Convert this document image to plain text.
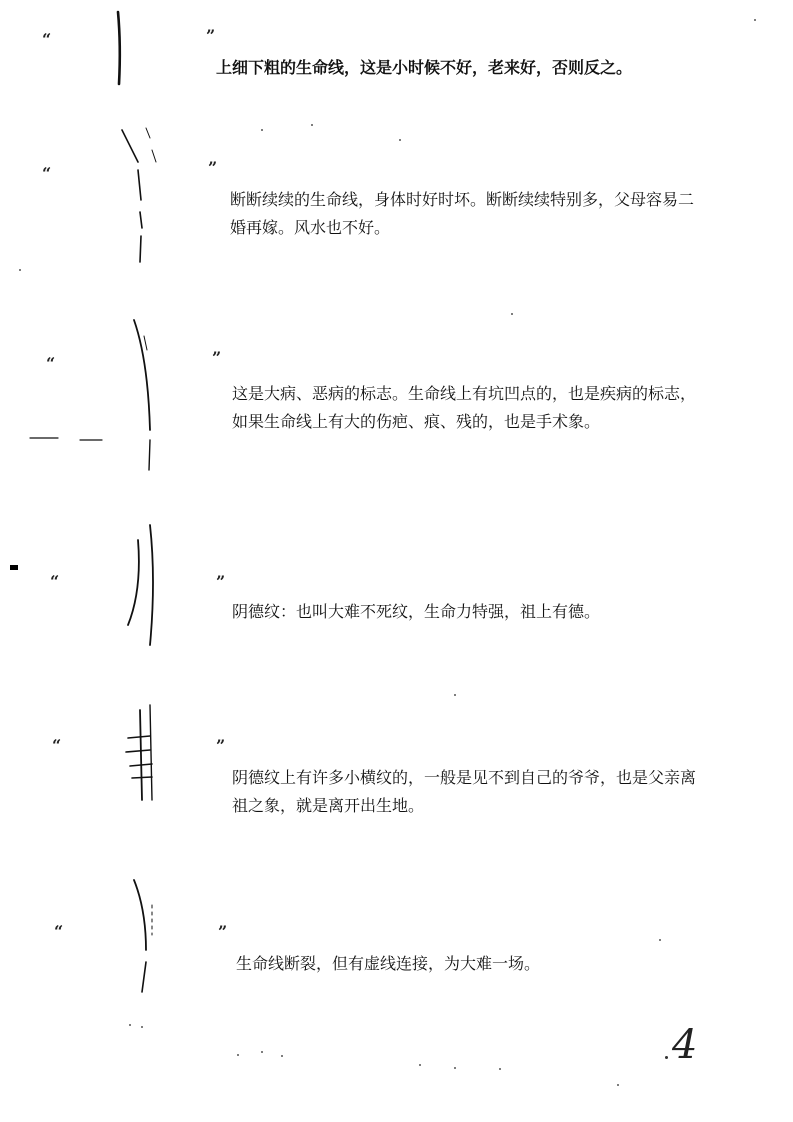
“	”

上细下粗的生命线，这是小时候不好，老来好，否则反之。

“	”

断断续续的生命线，身体时好时坏。断断续续特别多，父母容易二婚再嫁。风水也不好。

“	”

这是大病、恶病的标志。生命线上有坑凹点的，也是疾病的标志，如果生命线上有大的伤疤、痕、残的，也是手术象。

“	”

阴德纹：也叫大难不死纹，生命力特强，祖上有德。

“	”

阴德纹上有许多小横纹的，一般是见不到自己的爷爷，也是父亲离祖之象，就是离开出生地。

“	”

生命线断裂，但有虚线连接，为大难一场。

4
